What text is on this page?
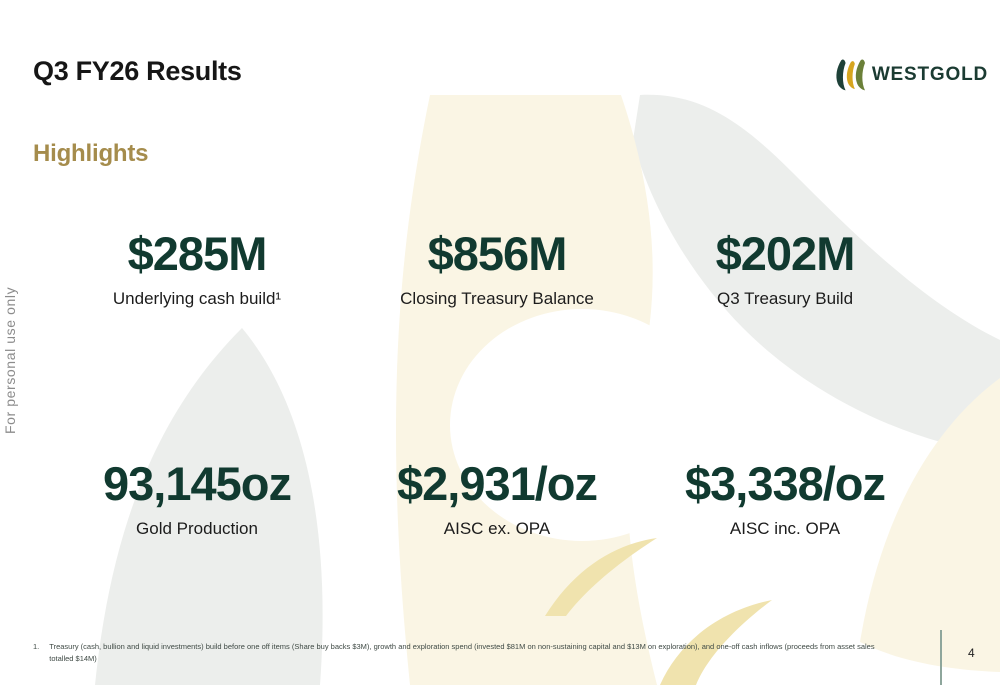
Q3 FY26 Results	WESTGOLD
Highlights
$285M
Underlying cash build¹
$856M
Closing Treasury Balance
$202M
Q3 Treasury Build
93,145oz
Gold Production
$2,931/oz
AISC ex. OPA
$3,338/oz
AISC inc. OPA
For personal use only
1. Treasury (cash, bullion and liquid investments) build before one off items (Share buy backs $3M), growth and exploration spend (invested $81M on non-sustaining capital and $13M on exploration), and one-off cash inflows (proceeds from asset sales totalled $14M)	4
